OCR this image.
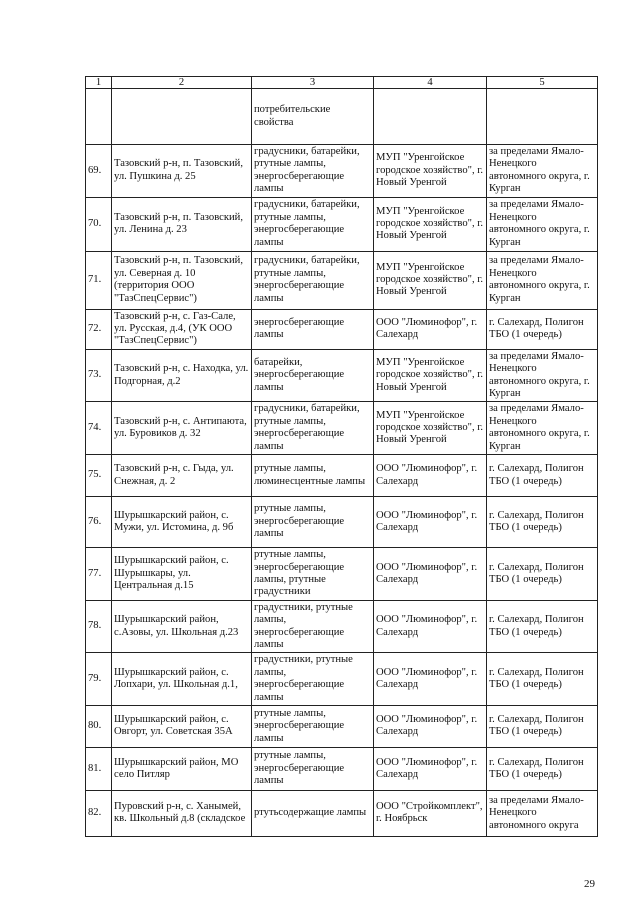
1	2	3	4	5
		потребительские свойства		
69.	Тазовский р-н, п. Тазовский, ул. Пушкина д. 25	градусники, батарейки, ртутные лампы, энергосберегающие лампы	МУП "Уренгойское городское хозяйство", г. Новый Уренгой	за пределами Ямало-Ненецкого автономного округа, г. Курган
70.	Тазовский р-н, п. Тазовский, ул. Ленина д. 23	градусники, батарейки, ртутные лампы, энергосберегающие лампы	МУП "Уренгойское городское хозяйство", г. Новый Уренгой	за пределами Ямало-Ненецкого автономного округа, г. Курган
71.	Тазовский р-н, п. Тазовский, ул. Северная д. 10 (территория ООО "ТазСпецСервис")	градусники, батарейки, ртутные лампы, энергосберегающие лампы	МУП "Уренгойское городское хозяйство", г. Новый Уренгой	за пределами Ямало-Ненецкого автономного округа, г. Курган
72.	Тазовский р-н, с. Газ-Сале, ул. Русская, д.4, (УК ООО "ТазСпецСервис")	энергосберегающие лампы	ООО "Люминофор", г. Салехард	г. Салехард, Полигон ТБО (1 очередь)
73.	Тазовский р-н, с. Находка, ул. Подгорная, д.2	батарейки, энергосберегающие лампы	МУП "Уренгойское городское хозяйство", г. Новый Уренгой	за пределами Ямало-Ненецкого автономного округа, г. Курган
74.	Тазовский р-н, с. Антипаюта, ул. Буровиков д. 32	градусники, батарейки, ртутные лампы, энергосберегающие лампы	МУП "Уренгойское городское хозяйство", г. Новый Уренгой	за пределами Ямало-Ненецкого автономного округа, г. Курган
75.	Тазовский р-н, с. Гыда, ул. Снежная, д. 2	ртутные лампы, люминесцентные лампы	ООО "Люминофор", г. Салехард	г. Салехард, Полигон ТБО (1 очередь)
76.	Шурышкарский район, с. Мужи, ул. Истомина, д. 9б	ртутные лампы, энергосберегающие лампы	ООО "Люминофор", г. Салехард	г. Салехард, Полигон ТБО (1 очередь)
77.	Шурышкарский район, с. Шурышкары, ул. Центральная д.15	ртутные лампы, энергосберегающие лампы, ртутные градустники	ООО "Люминофор", г. Салехард	г. Салехард, Полигон ТБО (1 очередь)
78.	Шурышкарский район, с.Азовы, ул. Школьная д.23	градустники, ртутные лампы, энергосберегающие лампы	ООО "Люминофор", г. Салехард	г. Салехард, Полигон ТБО (1 очередь)
79.	Шурышкарский район, с. Лопхари, ул. Школьная д.1,	градустники, ртутные лампы, энергосберегающие лампы	ООО "Люминофор", г. Салехард	г. Салехард, Полигон ТБО (1 очередь)
80.	Шурышкарский район, с. Овгорт, ул. Советская 35А	ртутные лампы, энергосберегающие лампы	ООО "Люминофор", г. Салехард	г. Салехард, Полигон ТБО (1 очередь)
81.	Шурышкарский район, МО село Питляр	ртутные лампы, энергосберегающие лампы	ООО "Люминофор", г. Салехард	г. Салехард, Полигон ТБО (1 очередь)
82.	Пуровский р-н, с. Ханымей, кв. Школьный д.8 (складское	ртутьсодержащие лампы	ООО "Стройкомплект", г. Ноябрьск	за пределами Ямало-Ненецкого автономного округа
29
